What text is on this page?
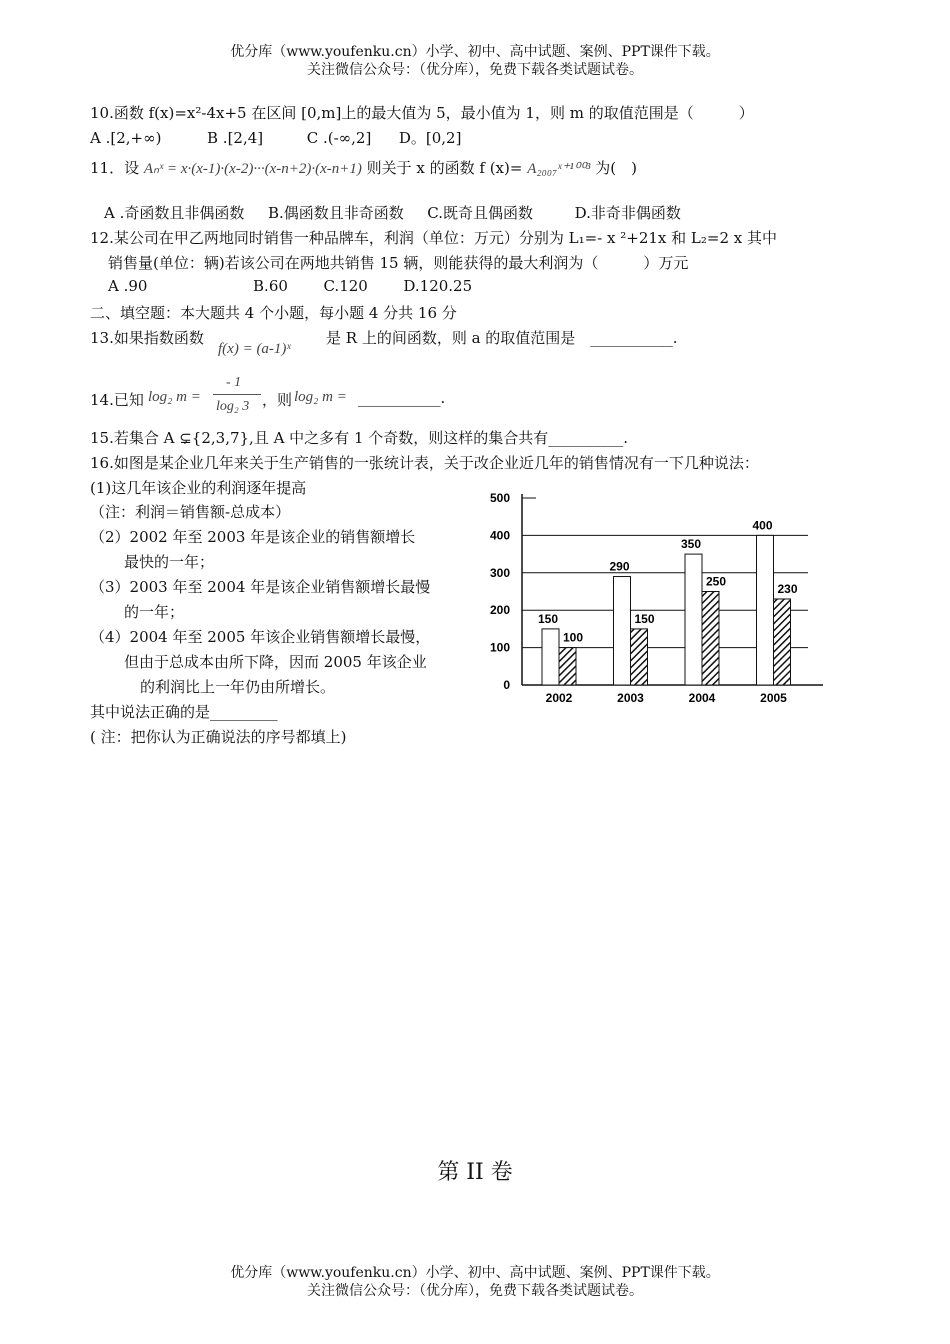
优分库（www.youfenku.cn）小学、初中、高中试题、案例、PPT课件下载。
关注微信公众号：（优分库），免费下载各类试题试卷。
10.函数 f(x)=x²-4x+5 在区间 [0,m]上的最大值为 5，最小值为 1，则 m 的取值范围是（　　　）
A .[2,+∞)	B .[2,4]	C .(-∞,2] D。[0,2]
11．设 Aₙˣ = x·(x-1)·(x-2)···(x-n+2)·(x-n+1) 则关于 x 的函数 f (x)= A₂₀₀₇ˣ⁺¹⁰⁰³ 为(　)
A .奇函数且非偶函数 B.偶函数且非奇函数 C.既奇且偶函数	D.非奇非偶函数
12.某公司在甲乙两地同时销售一种品牌车，利润（单位：万元）分别为 L₁=- x ²+21x 和 L₂=2 x 其中
销售量(单位：辆)若该公司在两地共销售 15 辆，则能获得的最大利润为（　　　）万元
A .90	B.60 C.120 D.120.25
二、填空题：本大题共 4 个小题，每小题 4 分共 16 分
13.如果指数函数
f(x) = (a-1)ˣ
是 R 上的间函数，则 a 的取值范围是　___________.
14.已知 log₂ m =
- 1
log₂ 3 ，则 log₂ m = ___________.
15.若集合 A ⊊{2,3,7},且 A 中之多有 1 个奇数，则这样的集合共有__________.
16.如图是某企业几年来关于生产销售的一张统计表，关于改企业近几年的销售情况有一下几种说法：
(1)这几年该企业的利润逐年提高
（注：利润＝销售额-总成本）
（2）2002 年至 2003 年是该企业的销售额增长
最快的一年；
（3）2003 年至 2004 年是该企业销售额增长最慢
的一年；
（4）2004 年至 2005 年该企业销售额增长最慢，
但由于总成本由所下降，因而 2005 年该企业
的利润比上一年仍由所增长。
其中说法正确的是_________
( 注：把你认为正确说法的序号都填上)
0
100
200
300
400
500
150
100
2002
290
150
2003
350
250
2004
400
230
2005
第 II 卷
优分库（www.youfenku.cn）小学、初中、高中试题、案例、PPT课件下载。
关注微信公众号：（优分库），免费下载各类试题试卷。
